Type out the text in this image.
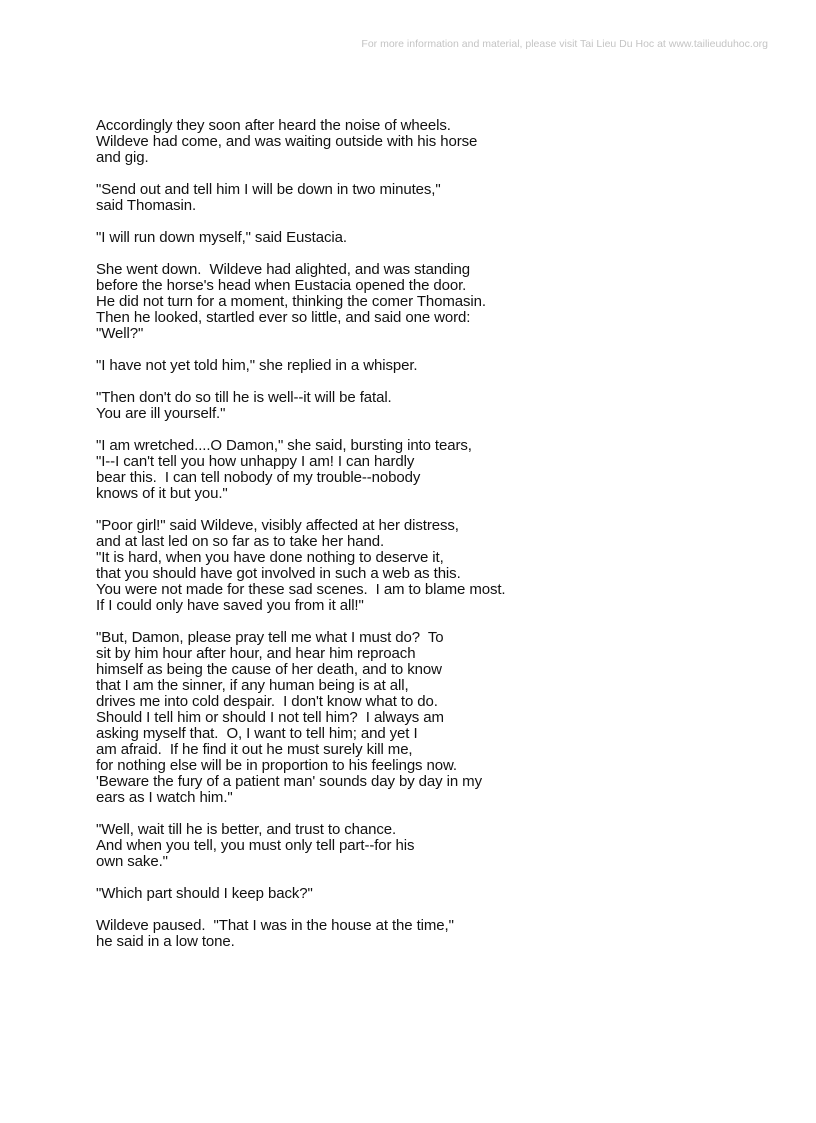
For more information and material, please visit Tai Lieu Du Hoc at www.tailieuduhoc.org
Accordingly they soon after heard the noise of wheels.
Wildeve had come, and was waiting outside with his horse
and gig.
"Send out and tell him I will be down in two minutes,"
said Thomasin.
"I will run down myself," said Eustacia.
She went down.  Wildeve had alighted, and was standing
before the horse's head when Eustacia opened the door.
He did not turn for a moment, thinking the comer Thomasin.
Then he looked, startled ever so little, and said one word:
"Well?"
"I have not yet told him," she replied in a whisper.
"Then don't do so till he is well--it will be fatal.
You are ill yourself."
"I am wretched....O Damon," she said, bursting into tears,
"I--I can't tell you how unhappy I am! I can hardly
bear this.  I can tell nobody of my trouble--nobody
knows of it but you."
"Poor girl!" said Wildeve, visibly affected at her distress,
and at last led on so far as to take her hand.
"It is hard, when you have done nothing to deserve it,
that you should have got involved in such a web as this.
You were not made for these sad scenes.  I am to blame most.
If I could only have saved you from it all!"
"But, Damon, please pray tell me what I must do?  To
sit by him hour after hour, and hear him reproach
himself as being the cause of her death, and to know
that I am the sinner, if any human being is at all,
drives me into cold despair.  I don't know what to do.
Should I tell him or should I not tell him?  I always am
asking myself that.  O, I want to tell him; and yet I
am afraid.  If he find it out he must surely kill me,
for nothing else will be in proportion to his feelings now.
'Beware the fury of a patient man' sounds day by day in my
ears as I watch him."
"Well, wait till he is better, and trust to chance.
And when you tell, you must only tell part--for his
own sake."
"Which part should I keep back?"
Wildeve paused.  "That I was in the house at the time,"
he said in a low tone.
